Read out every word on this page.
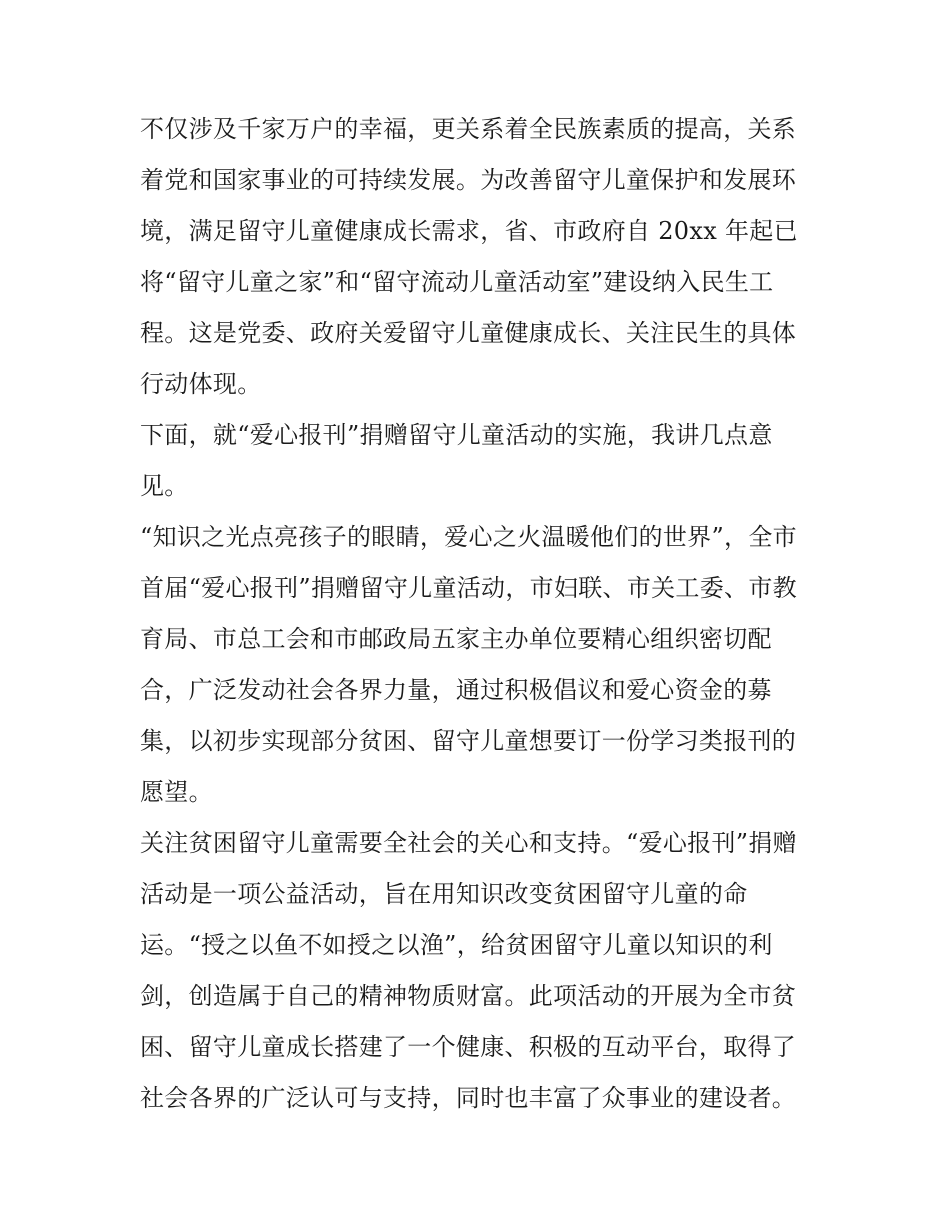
不仅涉及千家万户的幸福，更关系着全民族素质的提高，关系
着党和国家事业的可持续发展。为改善留守儿童保护和发展环
境，满足留守儿童健康成长需求，省、市政府自 20xx 年起已
将“留守儿童之家”和“留守流动儿童活动室”建设纳入民生工
程。这是党委、政府关爱留守儿童健康成长、关注民生的具体
行动体现。
下面，就“爱心报刊”捐赠留守儿童活动的实施，我讲几点意
见。
“知识之光点亮孩子的眼睛，爱心之火温暖他们的世界”，全市
首届“爱心报刊”捐赠留守儿童活动，市妇联、市关工委、市教
育局、市总工会和市邮政局五家主办单位要精心组织密切配
合，广泛发动社会各界力量，通过积极倡议和爱心资金的募
集，以初步实现部分贫困、留守儿童想要订一份学习类报刊的
愿望。
关注贫困留守儿童需要全社会的关心和支持。“爱心报刊”捐赠
活动是一项公益活动，旨在用知识改变贫困留守儿童的命
运。“授之以鱼不如授之以渔”，给贫困留守儿童以知识的利
剑，创造属于自己的精神物质财富。此项活动的开展为全市贫
困、留守儿童成长搭建了一个健康、积极的互动平台，取得了
社会各界的广泛认可与支持，同时也丰富了众事业的建设者。
